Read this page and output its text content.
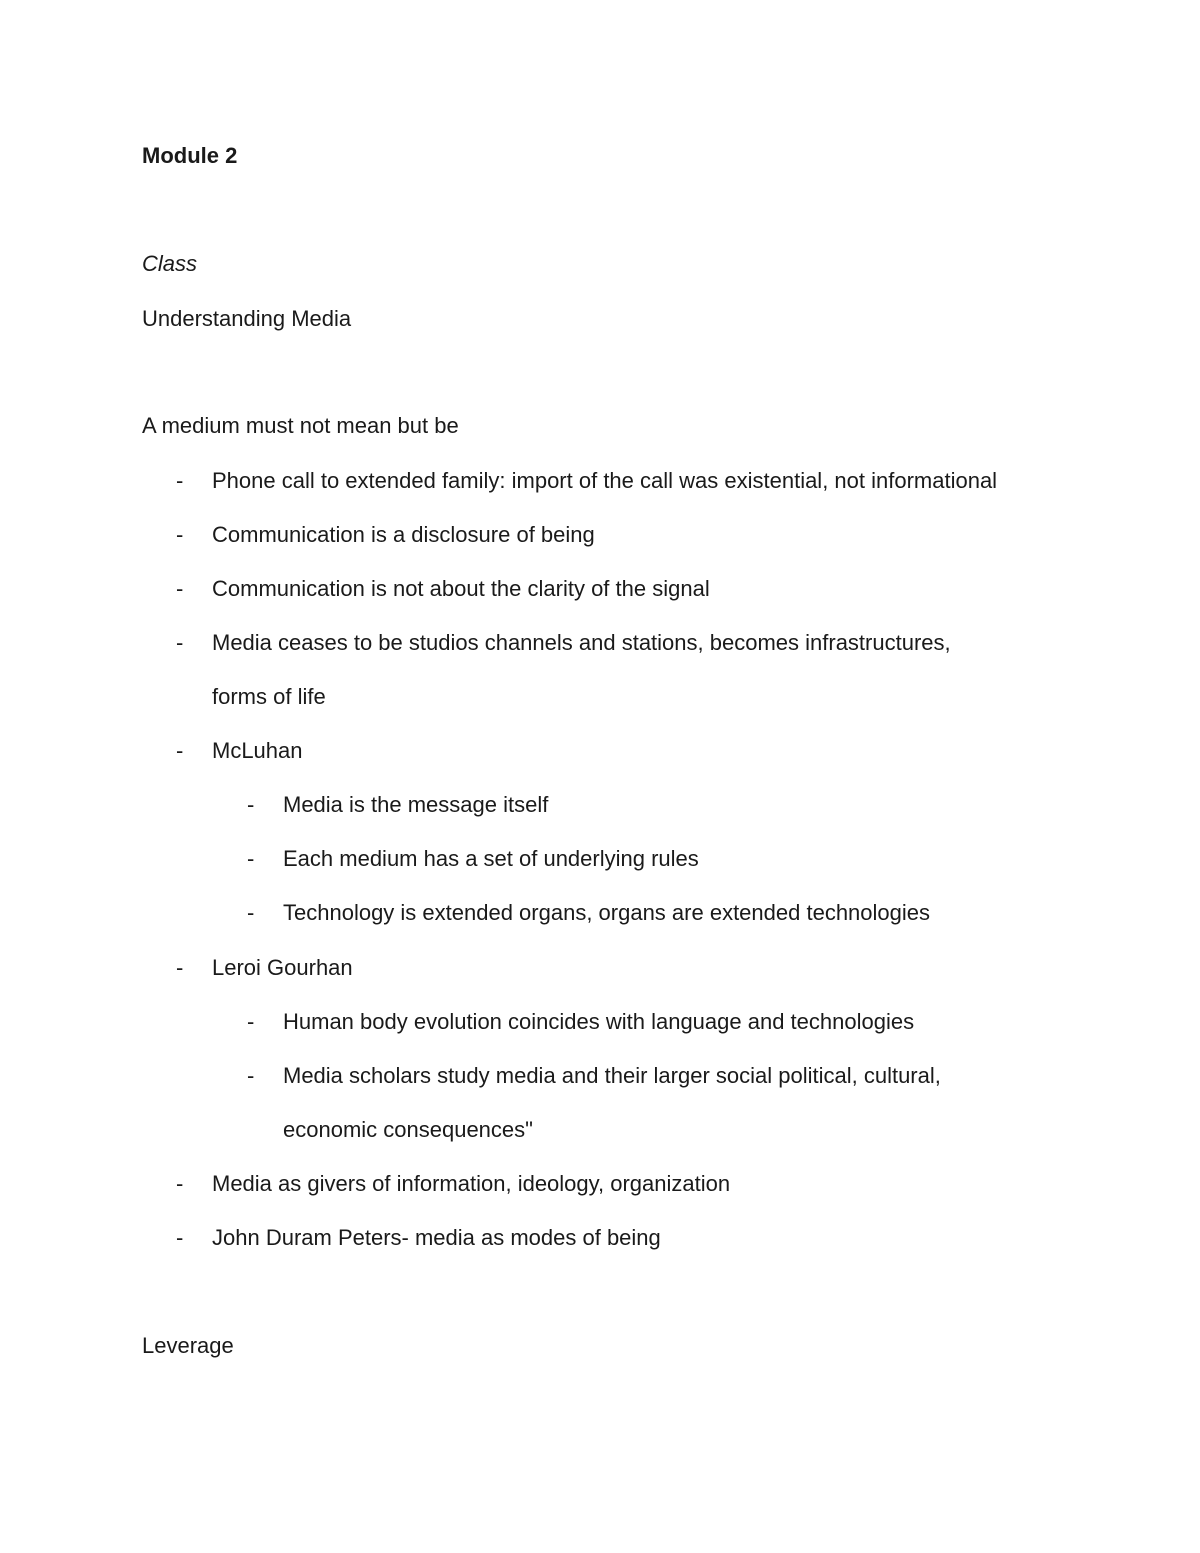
Module 2
Class
Understanding Media
A medium must not mean but be
- Phone call to extended family: import of the call was existential, not informational
- Communication is a disclosure of being
- Communication is not about the clarity of the signal
- Media ceases to be studios channels and stations, becomes infrastructures,
forms of life
- McLuhan
- Media is the message itself
- Each medium has a set of underlying rules
- Technology is extended organs, organs are extended technologies
- Leroi Gourhan
- Human body evolution coincides with language and technologies
- Media scholars study media and their larger social political, cultural,
economic consequences"
- Media as givers of information, ideology, organization
- John Duram Peters- media as modes of being
Leverage
